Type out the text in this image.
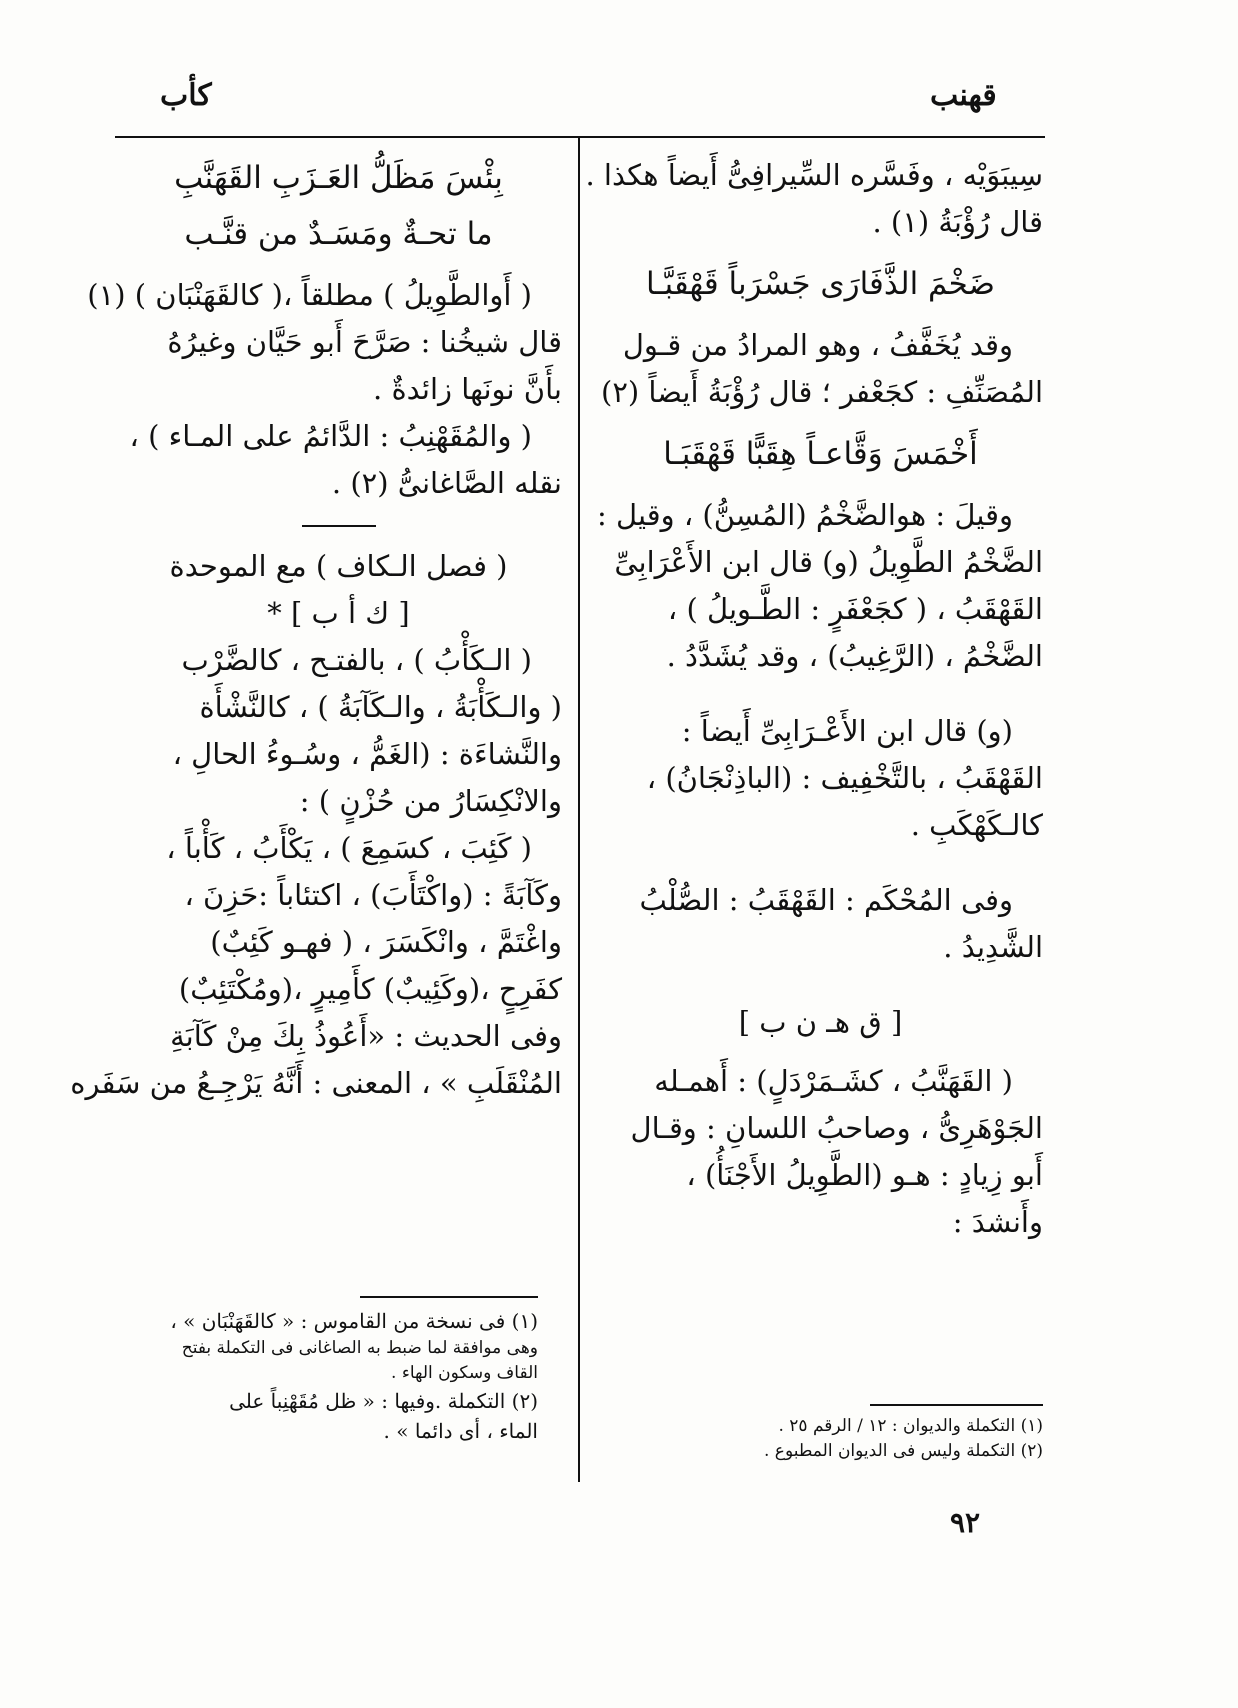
قهنب
كأب
سِيبَوَيْه ، وفَسَّره السِّيرافِىُّ أَيضاً هكذا .
قال رُؤْبَةُ (١) .
ضَخْمَ الذَّفَارَى جَسْرَباً قَهْقَبَّـا
وقد يُخَفَّفُ ، وهو المرادُ من قـول
المُصَنِّفِ : كجَعْفر ؛ قال رُؤْبَةُ أَيضاً (٢)
أَخْمَسَ وَقَّاعـاً هِقَبًّا قَهْقَبَـا
وقيلَ : هوالضَّخْمُ (المُسِنُّ) ، وقيل :
الضَّخْمُ الطَّوِيلُ (و) قال ابن الأَعْرَابِىِّ
القَهْقَبُ ، ( كجَعْفَرٍ : الطَّـويلُ ) ،
الضَّخْمُ ، (الرَّغِيبُ) ، وقد يُشَدَّدُ .
(و) قال ابن الأَعْـرَابِىِّ أَيضاً :
القَهْقَبُ ، بالتَّخْفِيف : (الباذِنْجَانُ) ،
كالـكَهْكَبِ .
وفى المُحْكَم : القَهْقَبُ : الصُّلْبُ
الشَّدِيدُ .
[ ق هـ ن ب ]
( القَهَنَّبُ ، كشَـمَرْدَلٍ) : أَهمـله
الجَوْهَرِىُّ ، وصاحبُ اللسانِ : وقـال
أَبو زِيادٍ : هـو (الطَّوِيلُ الأَجْنَأُ) ،
وأَنشدَ :
بِئْسَ مَظَلُّ العَـزَبِ القَهَنَّبِ
ما تحـةٌ ومَسَـدٌ من قنَّـب
( أَوالطَّوِيلُ ) مطلقاً ،( كالقَهَنْبَان ) (١)
قال شيخُنا : صَرَّحَ أَبو حَيَّان وغيرُهُ
بأَنَّ نونَها زائدةٌ .
( والمُقَهْنِبُ : الدَّائمُ على المـاء ) ،
نقله الصَّاغانىُّ (٢) .
( فصل الـكاف ) مع الموحدة
[ ك أ ب ] *
( الـكَأْبُ ) ، بالفتـح ، كالضَّرْب
( والـكَأْبَةُ ، والـكَآبَةُ ) ، كالنَّشْأَة
والنَّشاءَة : (الغَمُّ ، وسُـوءُ الحالِ ،
والانْكِسَارُ من حُزْنٍ ) :
( كَئِبَ ، كسَمِعَ ) ، يَكْأَبُ ، كَأْباً ،
وكَآبَةً : (واكْتَأَبَ) ، اكتئاباً :حَزِنَ ،
واغْتَمَّ ، وانْكَسَرَ ، ( فهـو كَئِبٌ)
كفَرِحٍ ،(وكَئِيبٌ) كأَمِيرٍ ،(ومُكْتَئِبٌ)
وفى الحديث : «أَعُوذُ بِكَ مِنْ كَآبَةِ
المُنْقَلَبِ » ، المعنى : أَنَّهُ يَرْجِـعُ من سَفَره
(١) التكملة والديوان : ١٢ / الرقم ٢٥ .
(٢) التكملة وليس فى الديوان المطبوع .
(١) فى نسخة من القاموس : « كالقَهَنْبَان » ،
وهى موافقة لما ضبط به الصاغانى فى التكملة بفتح
القاف وسكون الهاء .
(٢) التكملة .وفيها : « ظل مُقَهْنِباً على
الماء ، أى دائما » .
٩٢
